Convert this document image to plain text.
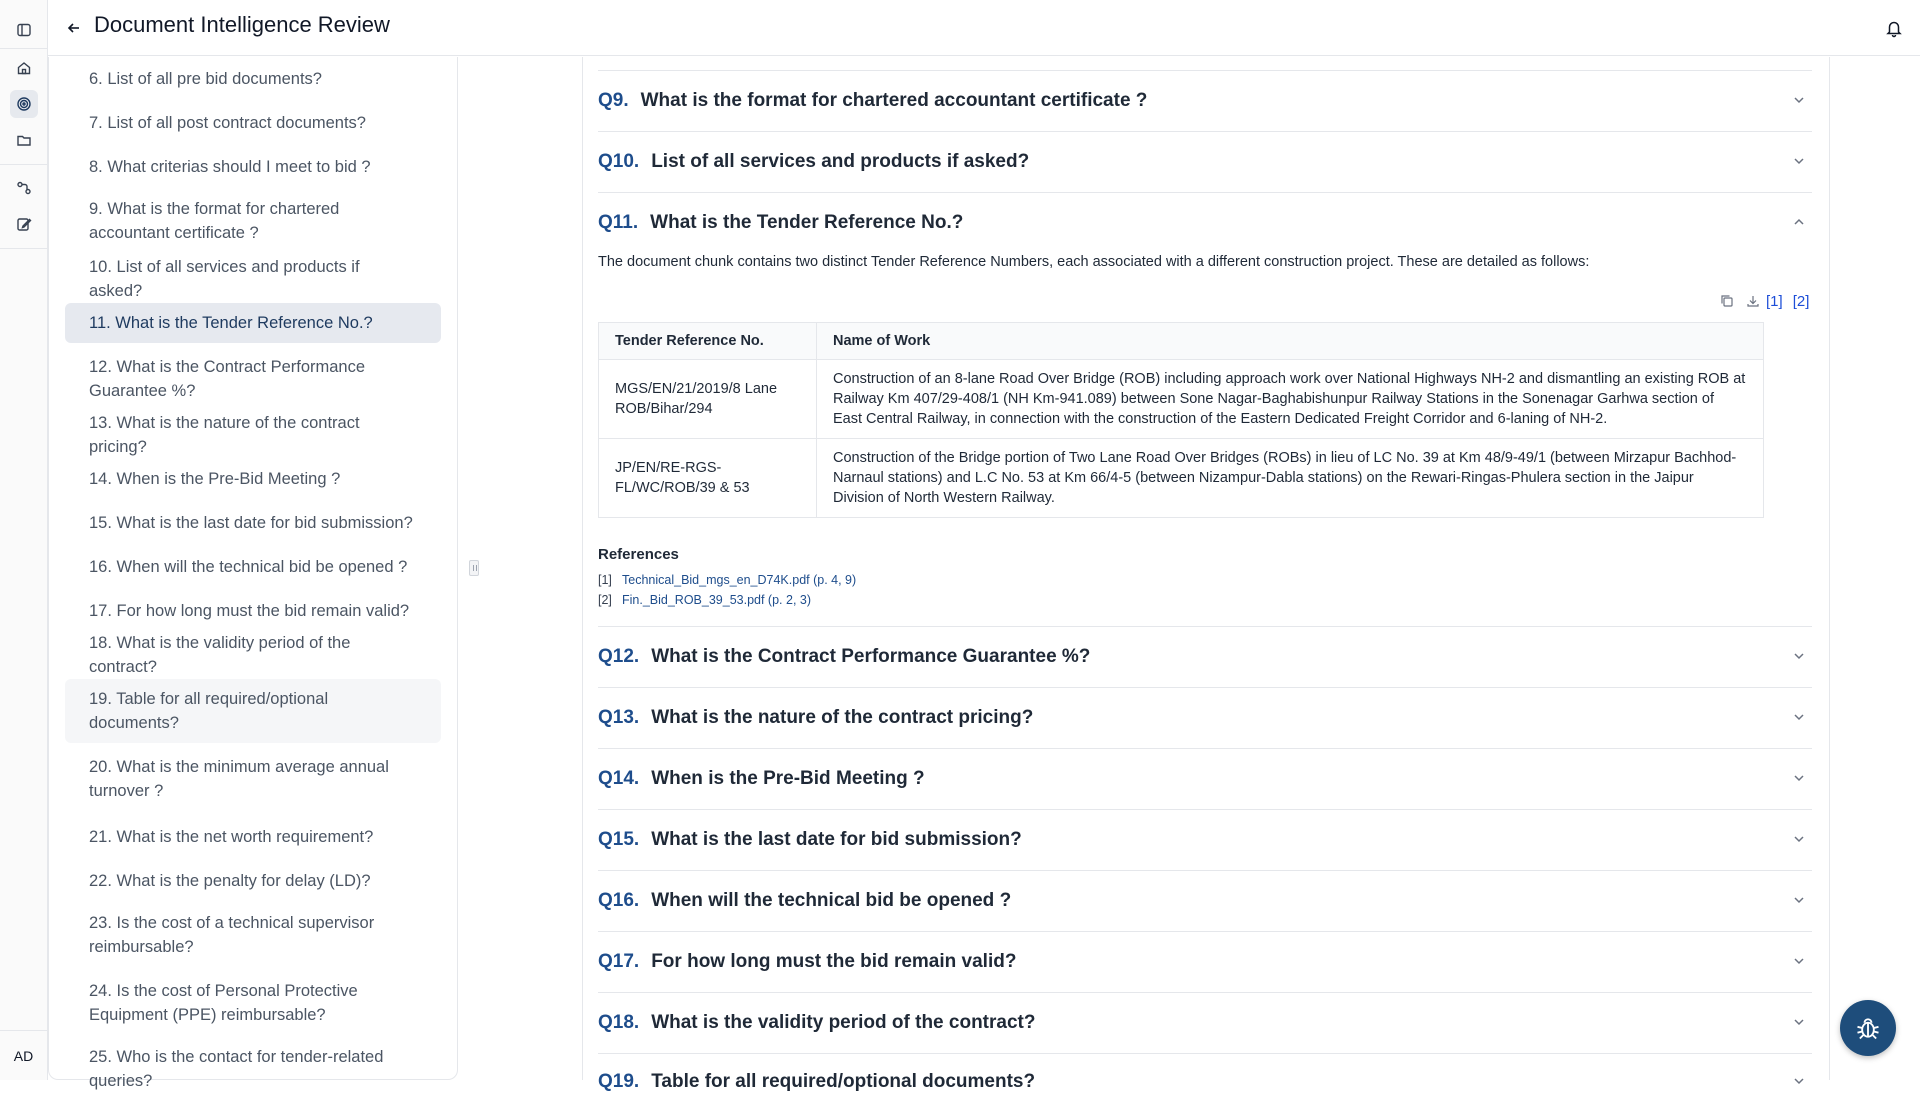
AD
Document Intelligence Review
6. List of all pre bid documents?
7. List of all post contract documents?
8. What criterias should I meet to bid ?
9. What is the format for chartered accountant certificate ?
10. List of all services and products if asked?
11. What is the Tender Reference No.?
12. What is the Contract Performance Guarantee %?
13. What is the nature of the contract pricing?
14. When is the Pre-Bid Meeting ?
15. What is the last date for bid submission?
16. When will the technical bid be opened ?
17. For how long must the bid remain valid?
18. What is the validity period of the contract?
19. Table for all required/optional documents?
20. What is the minimum average annual turnover ?
21. What is the net worth requirement?
22. What is the penalty for delay (LD)?
23. Is the cost of a technical supervisor reimbursable?
24. Is the cost of Personal Protective Equipment (PPE) reimbursable?
25. Who is the contact for tender-related queries?
Q9. What is the format for chartered accountant certificate ?
Q10. List of all services and products if asked?
Q11. What is the Tender Reference No.?
The document chunk contains two distinct Tender Reference Numbers, each associated with a different construction project. These are detailed as follows:
[1] [2]
Tender Reference No.	Name of Work
MGS/EN/21/2019/8 Lane ROB/Bihar/294	Construction of an 8-lane Road Over Bridge (ROB) including approach work over National Highways NH-2 and dismantling an existing ROB at Railway Km 407/29-408/1 (NH Km-941.089) between Sone Nagar-Baghabishunpur Railway Stations in the Sonenagar Garhwa section of East Central Railway, in connection with the construction of the Eastern Dedicated Freight Corridor and 6-laning of NH-2.
JP/EN/RE-RGS-FL/WC/ROB/39 & 53	Construction of the Bridge portion of Two Lane Road Over Bridges (ROBs) in lieu of LC No. 39 at Km 48/9-49/1 (between Mirzapur Bachhod-Narnaul stations) and L.C No. 53 at Km 66/4-5 (between Nizampur-Dabla stations) on the Rewari-Ringas-Phulera section in the Jaipur Division of North Western Railway.
References
[1] Technical_Bid_mgs_en_D74K.pdf (p. 4, 9)
[2] Fin._Bid_ROB_39_53.pdf (p. 2, 3)
Q12. What is the Contract Performance Guarantee %?
Q13. What is the nature of the contract pricing?
Q14. When is the Pre-Bid Meeting ?
Q15. What is the last date for bid submission?
Q16. When will the technical bid be opened ?
Q17. For how long must the bid remain valid?
Q18. What is the validity period of the contract?
Q19. Table for all required/optional documents?
